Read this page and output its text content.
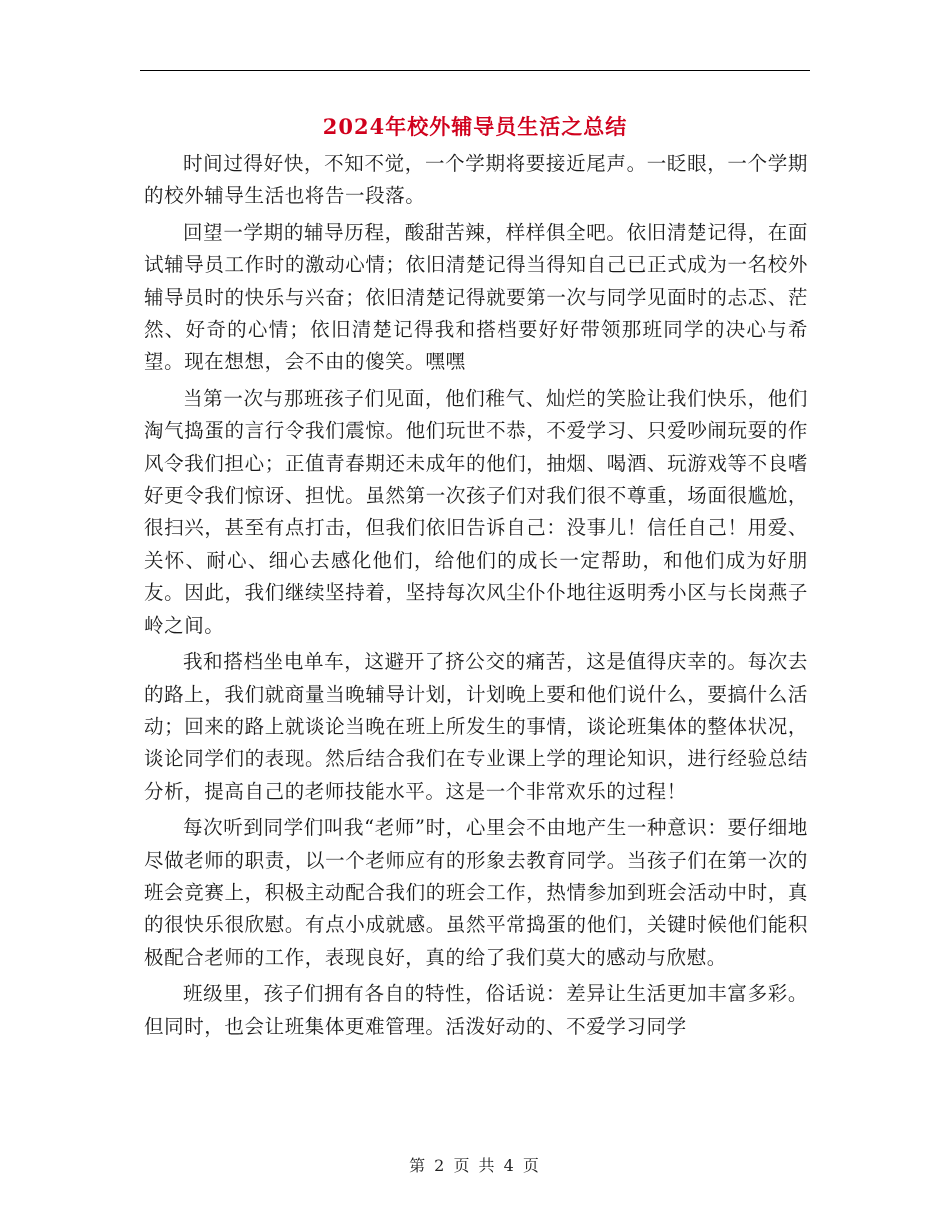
2024年校外辅导员生活之总结

时间过得好快，不知不觉，一个学期将要接近尾声。一眨眼，一个学期的校外辅导生活也将告一段落。

回望一学期的辅导历程，酸甜苦辣，样样俱全吧。依旧清楚记得，在面试辅导员工作时的激动心情；依旧清楚记得当得知自己已正式成为一名校外辅导员时的快乐与兴奋；依旧清楚记得就要第一次与同学见面时的忐忑、茫然、好奇的心情；依旧清楚记得我和搭档要好好带领那班同学的决心与希望。现在想想，会不由的傻笑。嘿嘿

当第一次与那班孩子们见面，他们稚气、灿烂的笑脸让我们快乐，他们淘气捣蛋的言行令我们震惊。他们玩世不恭，不爱学习、只爱吵闹玩耍的作风令我们担心；正值青春期还未成年的他们，抽烟、喝酒、玩游戏等不良嗜好更令我们惊讶、担忧。虽然第一次孩子们对我们很不尊重，场面很尴尬，很扫兴，甚至有点打击，但我们依旧告诉自己：没事儿！信任自己！用爱、关怀、耐心、细心去感化他们，给他们的成长一定帮助，和他们成为好朋友。因此，我们继续坚持着，坚持每次风尘仆仆地往返明秀小区与长岗燕子岭之间。

我和搭档坐电单车，这避开了挤公交的痛苦，这是值得庆幸的。每次去的路上，我们就商量当晚辅导计划，计划晚上要和他们说什么，要搞什么活动；回来的路上就谈论当晚在班上所发生的事情，谈论班集体的整体状况，谈论同学们的表现。然后结合我们在专业课上学的理论知识，进行经验总结分析，提高自己的老师技能水平。这是一个非常欢乐的过程！

每次听到同学们叫我“老师”时，心里会不由地产生一种意识：要仔细地尽做老师的职责，以一个老师应有的形象去教育同学。当孩子们在第一次的班会竞赛上，积极主动配合我们的班会工作，热情参加到班会活动中时，真的很快乐很欣慰。有点小成就感。虽然平常捣蛋的他们，关键时候他们能积极配合老师的工作，表现良好，真的给了我们莫大的感动与欣慰。

班级里，孩子们拥有各自的特性，俗话说：差异让生活更加丰富多彩。但同时，也会让班集体更难管理。活泼好动的、不爱学习同学

第 2 页 共 4 页
